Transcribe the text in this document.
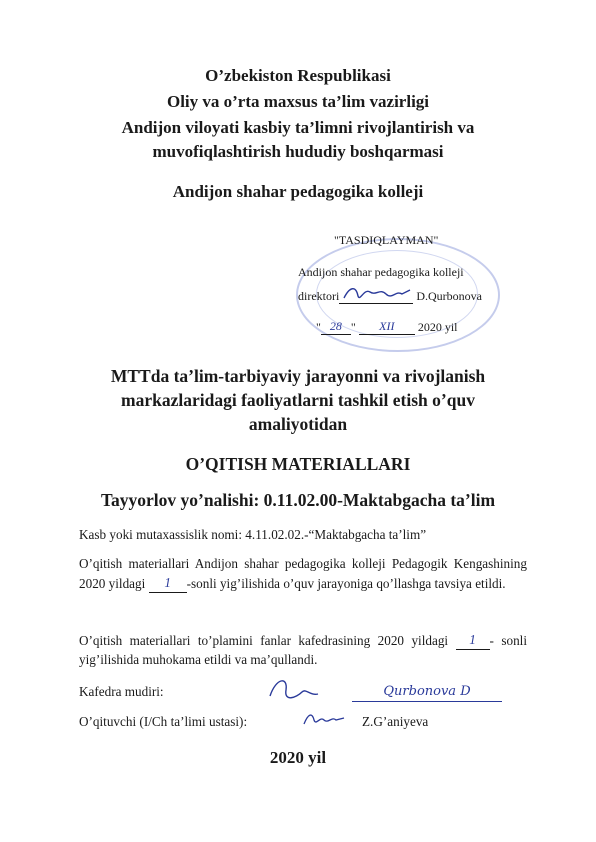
O’zbekiston Respublikasi
Oliy va o’rta maxsus ta’lim vazirligi
Andijon viloyati kasbiy ta’limni rivojlantirish va
muvofiqlashtirish hududiy boshqarmasi
Andijon shahar pedagogika kolleji
"TASDIQLAYMAN"
Andijon shahar pedagogika kolleji
direktori	D.Qurbonova
" 28 " XII 2020 yil
MTTda ta’lim-tarbiyaviy jarayonni va rivojlanish
markazlaridagi faoliyatlarni tashkil etish o’quv
amaliyotidan
O’QITISH MATERIALLARI
Tayyorlov yo’nalishi: 0.11.02.00-Maktabgacha ta’lim
Kasb yoki mutaxassislik nomi: 4.11.02.02.-“Maktabgacha ta’lim”
O’qitish materiallari Andijon shahar pedagogika kolleji Pedagogik Kengashining 2020 yildagi 1 -sonli yig’ilishida o’quv jarayoniga qo’llashga tavsiya etildi.
O’qitish materiallari to’plamini fanlar kafedrasining 2020 yildagi 1 - sonli yig’ilishida muhokama etildi va ma’qullandi.
Kafedra mudiri:	Qurbonova D
O’qituvchi (I/Ch ta’limi ustasi):	Z.G’aniyeva
2020 yil
